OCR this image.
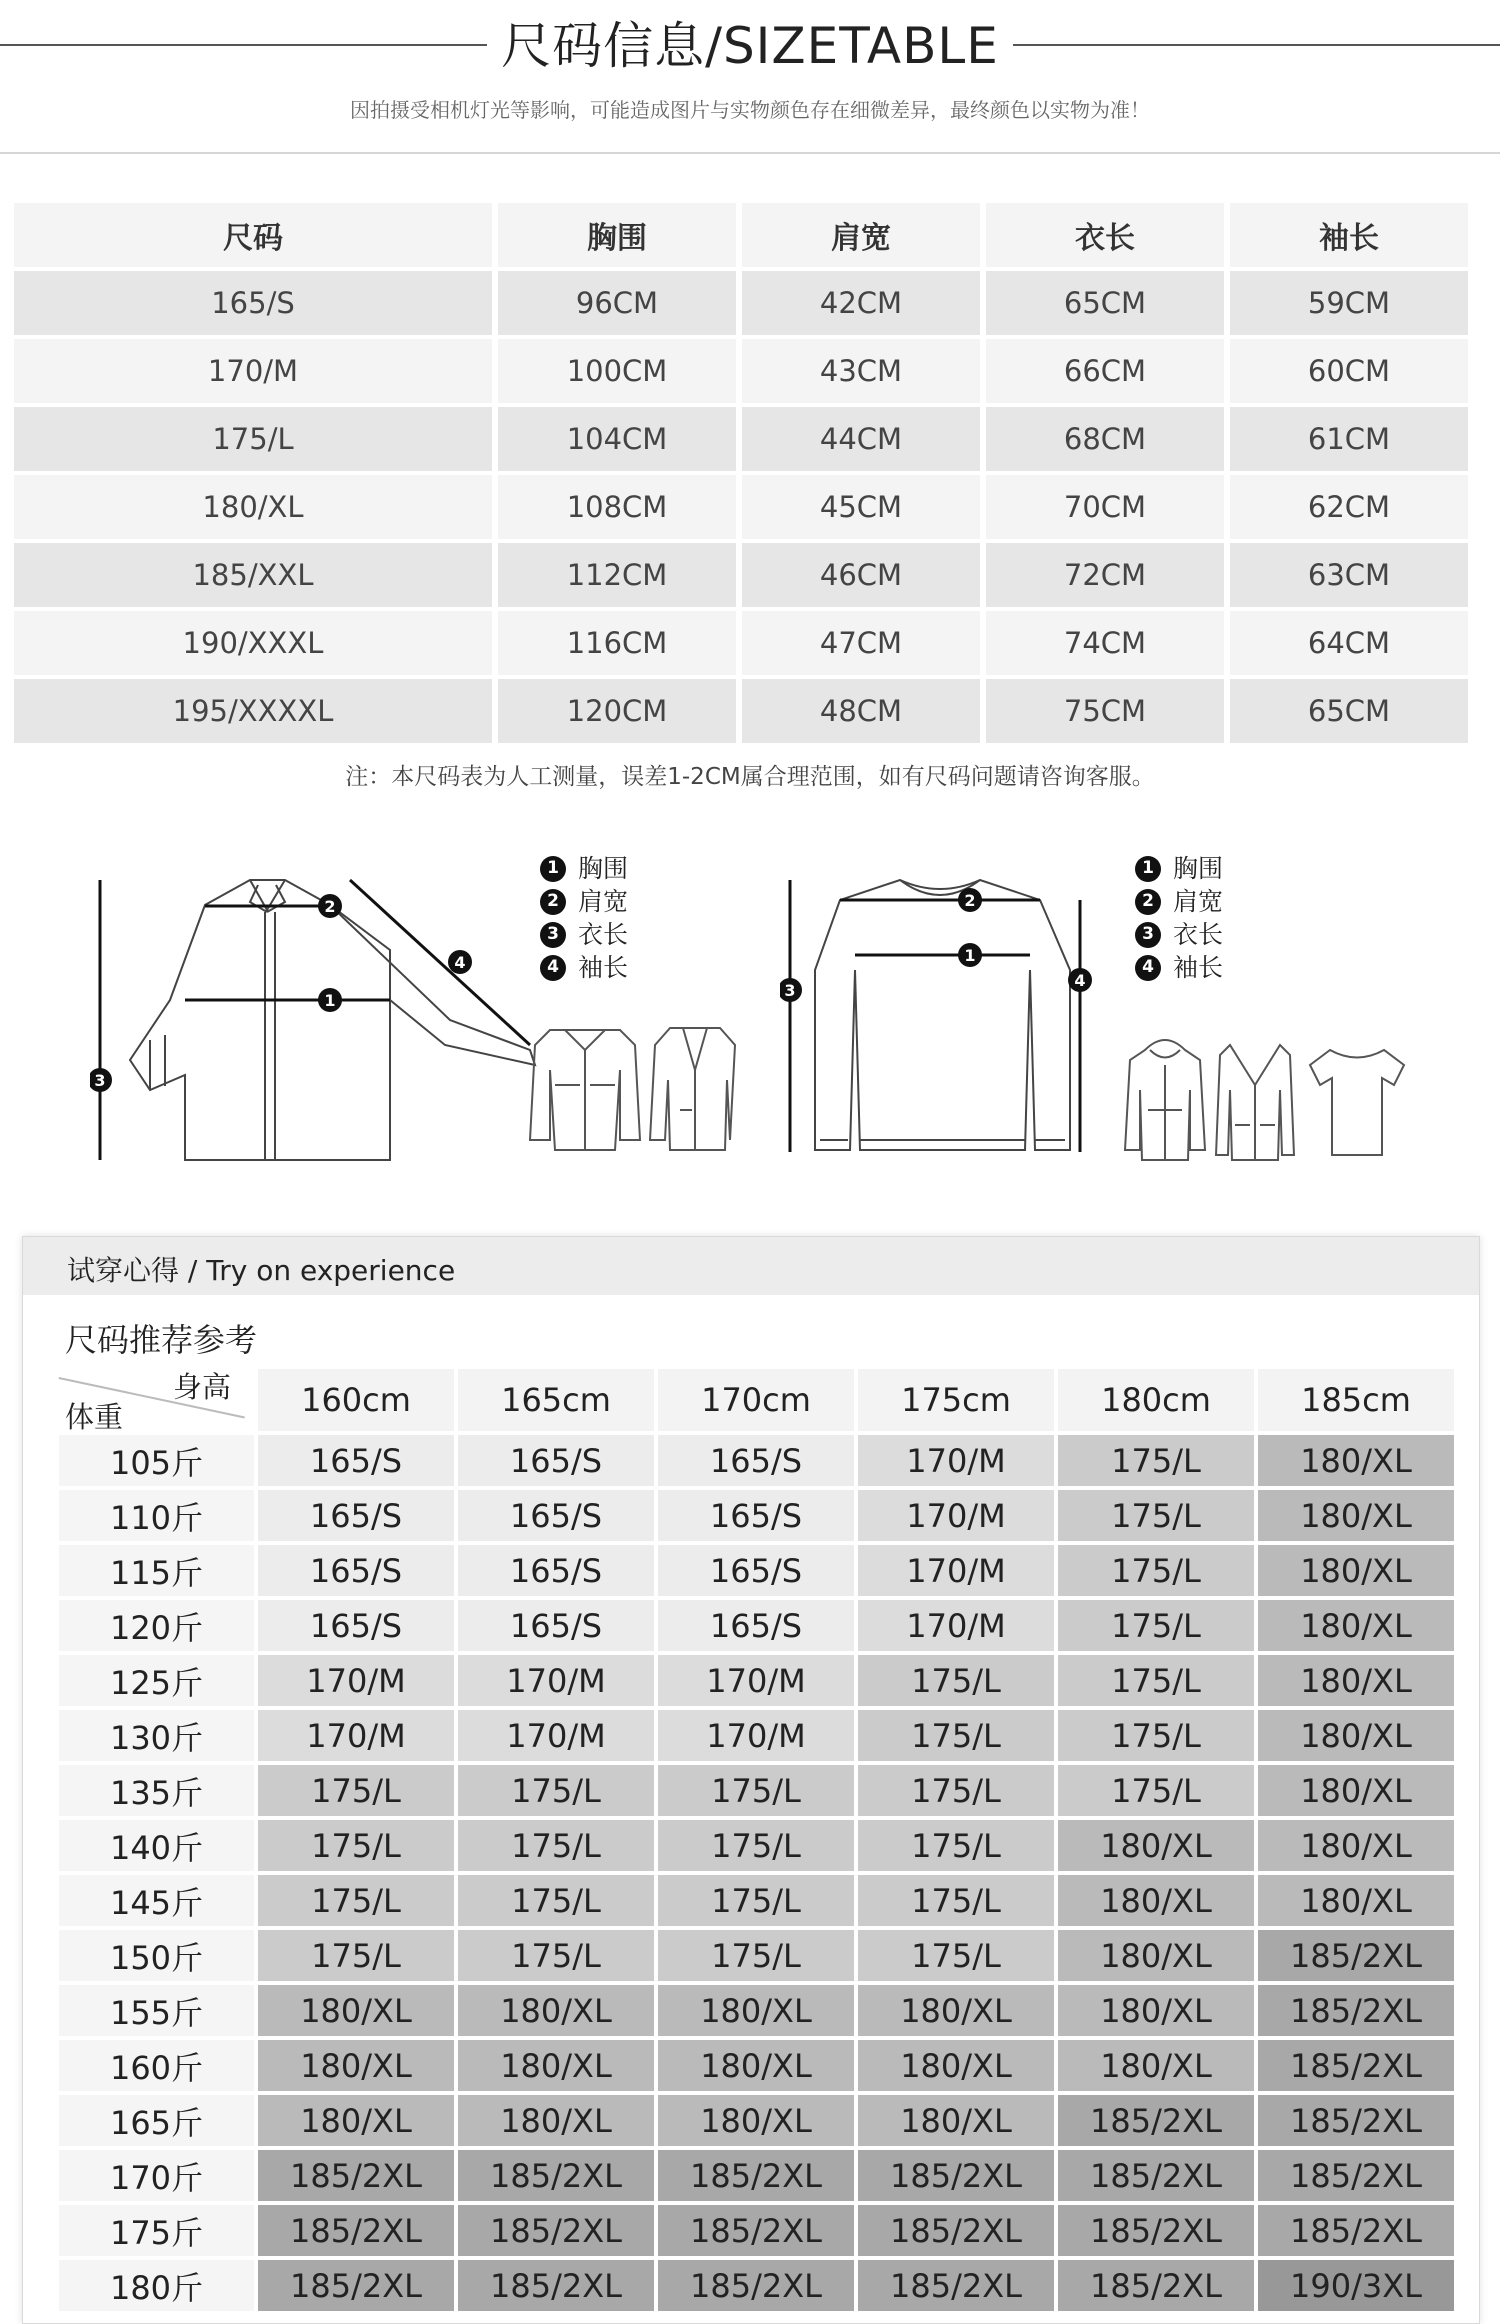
尺码信息/SIZETABLE
因拍摄受相机灯光等影响，可能造成图片与实物颜色存在细微差异，最终颜色以实物为准！
尺码	胸围	肩宽	衣长	袖长
165/S	96CM	42CM	65CM	59CM
170/M	100CM	43CM	66CM	60CM
175/L	104CM	44CM	68CM	61CM
180/XL	108CM	45CM	70CM	62CM
185/XXL	112CM	46CM	72CM	63CM
190/XXXL	116CM	47CM	74CM	64CM
195/XXXXL	120CM	48CM	75CM	65CM
注：本尺码表为人工测量，误差1-2CM属合理范围，如有尺码问题请咨询客服。
2
1
3
4
1 胸围
2 肩宽
3 衣长
4 袖长
2
1
3
4
1 胸围
2 肩宽
3 衣长
4 袖长
试穿心得 / Try on experience
尺码推荐参考
身高
体重	160cm	165cm	170cm	175cm	180cm	185cm
105斤	165/S	165/S	165/S	170/M	175/L	180/XL
110斤	165/S	165/S	165/S	170/M	175/L	180/XL
115斤	165/S	165/S	165/S	170/M	175/L	180/XL
120斤	165/S	165/S	165/S	170/M	175/L	180/XL
125斤	170/M	170/M	170/M	175/L	175/L	180/XL
130斤	170/M	170/M	170/M	175/L	175/L	180/XL
135斤	175/L	175/L	175/L	175/L	175/L	180/XL
140斤	175/L	175/L	175/L	175/L	180/XL	180/XL
145斤	175/L	175/L	175/L	175/L	180/XL	180/XL
150斤	175/L	175/L	175/L	175/L	180/XL	185/2XL
155斤	180/XL	180/XL	180/XL	180/XL	180/XL	185/2XL
160斤	180/XL	180/XL	180/XL	180/XL	180/XL	185/2XL
165斤	180/XL	180/XL	180/XL	180/XL	185/2XL	185/2XL
170斤	185/2XL	185/2XL	185/2XL	185/2XL	185/2XL	185/2XL
175斤	185/2XL	185/2XL	185/2XL	185/2XL	185/2XL	185/2XL
180斤	185/2XL	185/2XL	185/2XL	185/2XL	185/2XL	190/3XL
